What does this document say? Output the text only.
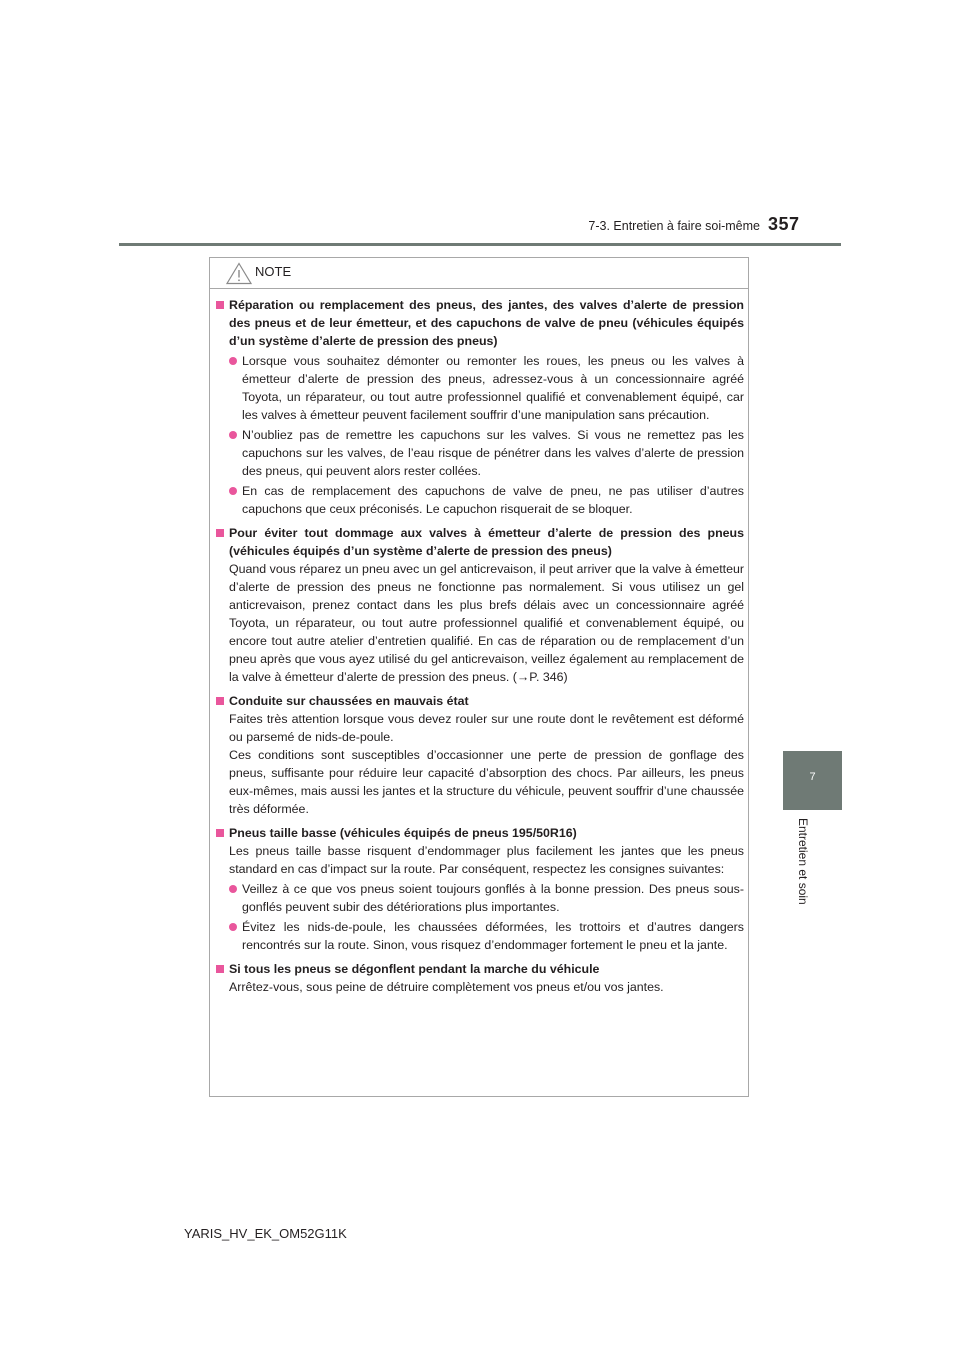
7-3. Entretien à faire soi-même 357
7
Entretien et soin
NOTE
Réparation ou remplacement des pneus, des jantes, des valves d’alerte de pression des pneus et de leur émetteur, et des capuchons de valve de pneu (véhicules équipés d’un système d’alerte de pression des pneus)
Lorsque vous souhaitez démonter ou remonter les roues, les pneus ou les valves à émetteur d’alerte de pression des pneus, adressez-vous à un concessionnaire agréé Toyota, un réparateur, ou tout autre professionnel qualifié et convenablement équipé, car les valves à émetteur peuvent facilement souffrir d’une manipulation sans précaution.
N’oubliez pas de remettre les capuchons sur les valves. Si vous ne remettez pas les capuchons sur les valves, de l’eau risque de pénétrer dans les valves d’alerte de pression des pneus, qui peuvent alors rester collées.
En cas de remplacement des capuchons de valve de pneu, ne pas utiliser d’autres capuchons que ceux préconisés. Le capuchon risquerait de se bloquer.
Pour éviter tout dommage aux valves à émetteur d’alerte de pression des pneus (véhicules équipés d’un système d’alerte de pression des pneus)
Quand vous réparez un pneu avec un gel anticrevaison, il peut arriver que la valve à émetteur d’alerte de pression des pneus ne fonctionne pas normalement. Si vous utilisez un gel anticrevaison, prenez contact dans les plus brefs délais avec un concessionnaire agréé Toyota, un réparateur, ou tout autre professionnel qualifié et convenablement équipé, ou encore tout autre atelier d’entretien qualifié. En cas de réparation ou de remplacement d’un pneu après que vous ayez utilisé du gel anticrevaison, veillez également au remplacement de la valve à émetteur d’alerte de pression des pneus. (→P. 346)
Conduite sur chaussées en mauvais état
Faites très attention lorsque vous devez rouler sur une route dont le revêtement est déformé ou parsemé de nids-de-poule.
Ces conditions sont susceptibles d’occasionner une perte de pression de gonflage des pneus, suffisante pour réduire leur capacité d’absorption des chocs. Par ailleurs, les pneus eux-mêmes, mais aussi les jantes et la structure du véhicule, peuvent souffrir d’une chaussée très déformée.
Pneus taille basse (véhicules équipés de pneus 195/50R16)
Les pneus taille basse risquent d’endommager plus facilement les jantes que les pneus standard en cas d’impact sur la route. Par conséquent, respectez les consignes suivantes:
Veillez à ce que vos pneus soient toujours gonflés à la bonne pression. Des pneus sous-gonflés peuvent subir des détériorations plus importantes.
Évitez les nids-de-poule, les chaussées déformées, les trottoirs et d’autres dangers rencontrés sur la route. Sinon, vous risquez d’endommager fortement le pneu et la jante.
Si tous les pneus se dégonflent pendant la marche du véhicule
Arrêtez-vous, sous peine de détruire complètement vos pneus et/ou vos jantes.
YARIS_HV_EK_OM52G11K
